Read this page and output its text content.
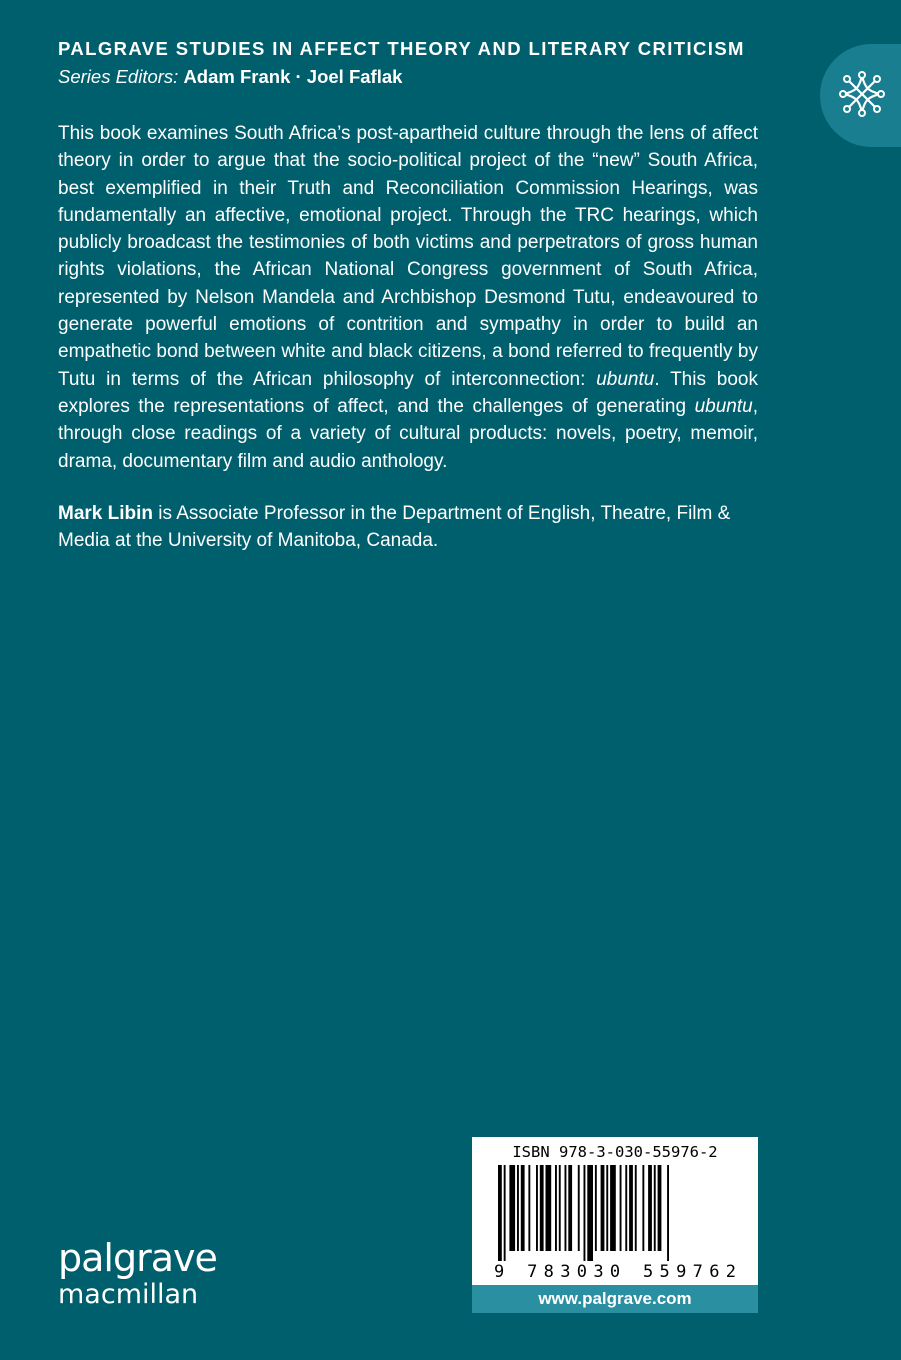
PALGRAVE STUDIES IN AFFECT THEORY AND LITERARY CRITICISM

Series Editors: Adam Frank · Joel Faflak

This book examines South Africa’s post-apartheid culture through the lens of affect theory in order to argue that the socio-political project of the “new” South Africa, best exemplified in their Truth and Reconciliation Commission Hearings, was fundamentally an affective, emotional project. Through the TRC hearings, which publicly broadcast the testimonies of both victims and perpetrators of gross human rights violations, the African National Congress government of South Africa, represented by Nelson Mandela and Archbishop Desmond Tutu, endeavoured to generate powerful emotions of contrition and sympathy in order to build an empathetic bond between white and black citizens, a bond referred to frequently by Tutu in terms of the African philosophy of interconnection: ubuntu. This book explores the representations of affect, and the challenges of generating ubuntu, through close readings of a variety of cultural products: novels, poetry, memoir, drama, documentary film and audio anthology.

Mark Libin is Associate Professor in the Department of English, Theatre, Film & Media at the University of Manitoba, Canada.

palgrave
macmillan
ISBN 978-3-030-55976-2
9 783030 559762
www.palgrave.com
